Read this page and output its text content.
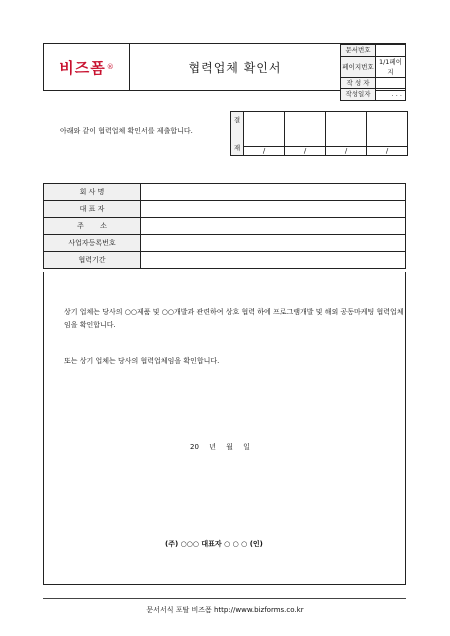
비즈폼 ®	협력업체 확인서
문서번호	
페이지번호	1/1페이지
작 성 자	
작성일자	. . .
아래와 같이 협력업체 확인서를 제출합니다.
결

재				
	/	/	/	/
회 사 명	
대 표 자	
주 소	
사업자등록번호	
협력기간	
상기 업체는 당사의 ○○제품 및 ○○개발과 관련하여 상호 협력 하에 프로그램개발 및 해외 공동마케팅 협력업체임을 확인합니다.
또는 상기 업체는 당사의 협력업체임을 확인합니다.
20 년 월 일
(주) ○○○ 대표자 ○ ○ ○ (인)
문서서식 포탈 비즈폼 http://www.bizforms.co.kr
